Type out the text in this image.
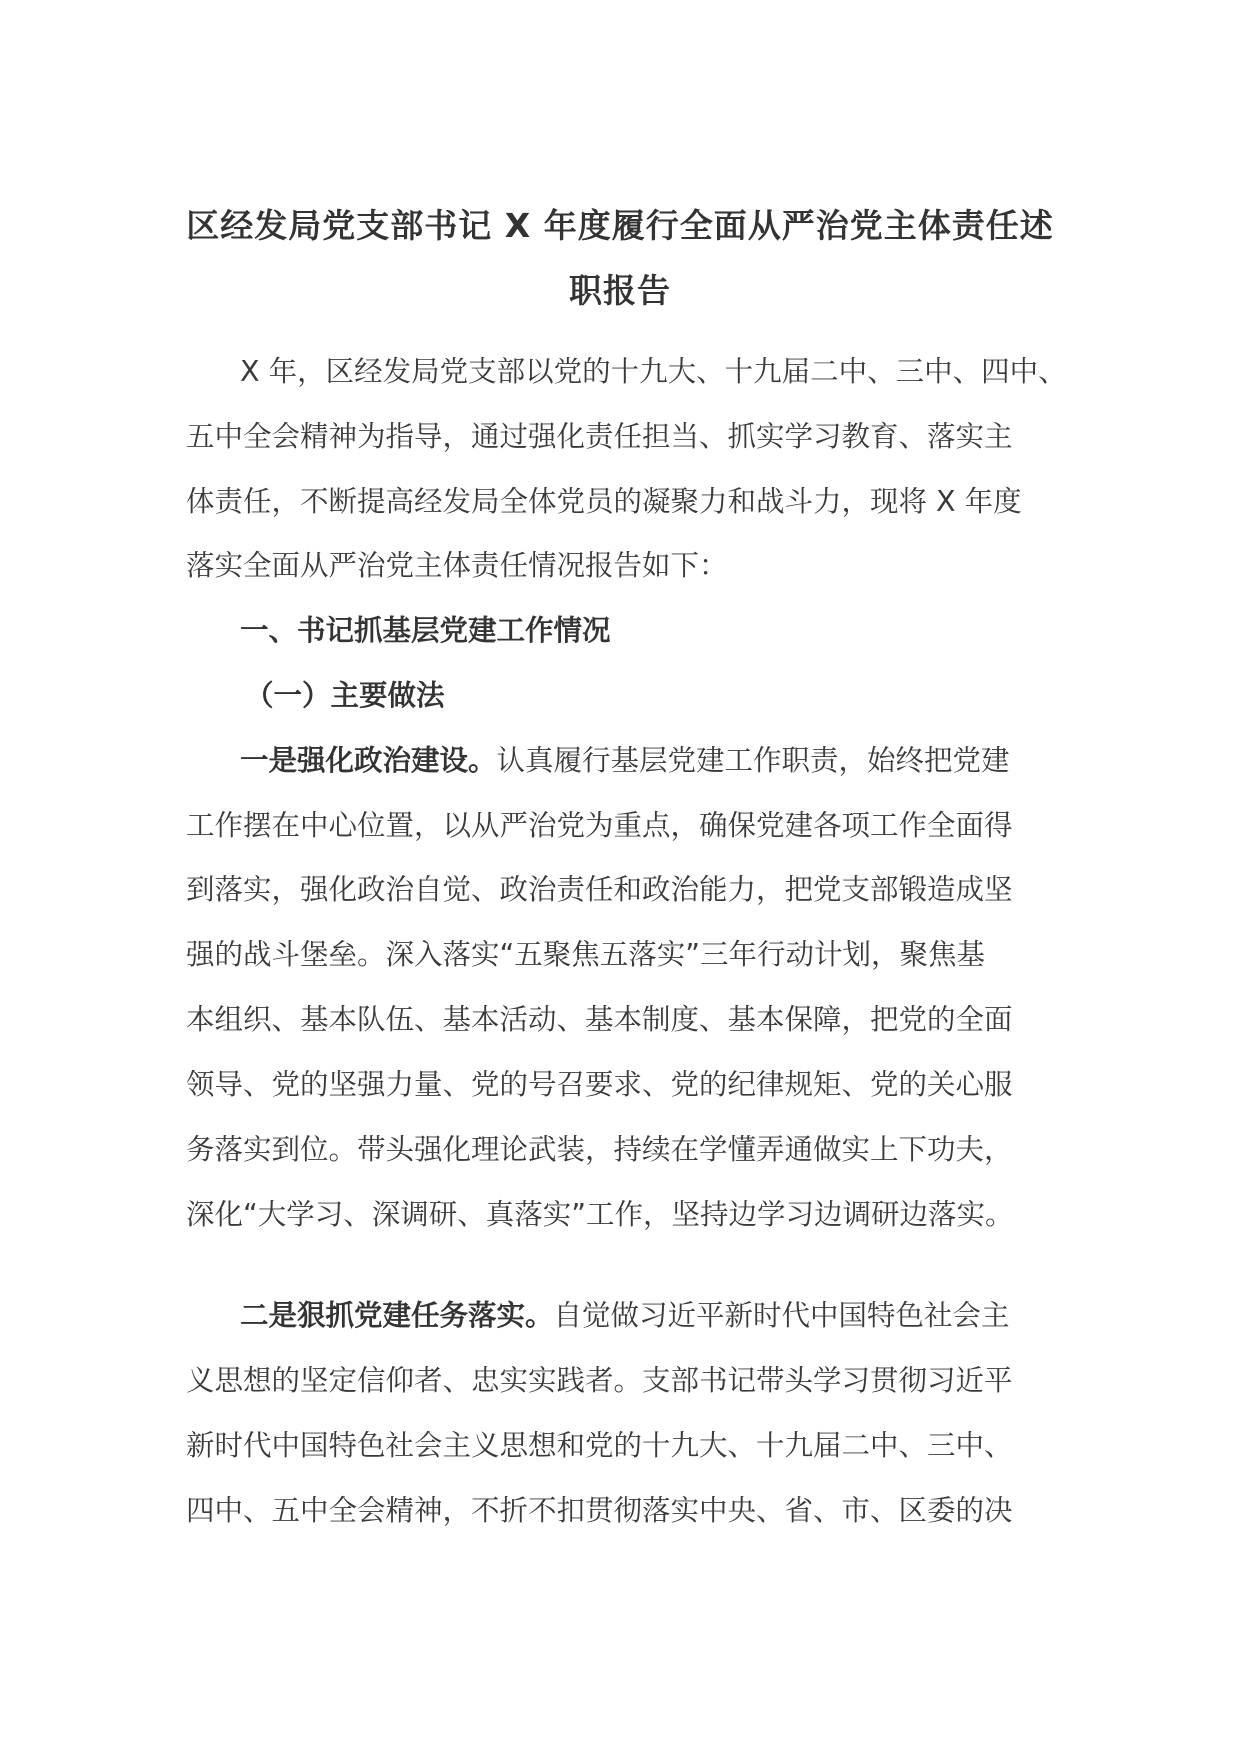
区经发局党支部书记 X 年度履行全面从严治党主体责任述
职报告
X 年，区经发局党支部以党的十九大、十九届二中、三中、四中、
五中全会精神为指导，通过强化责任担当、抓实学习教育、落实主
体责任，不断提高经发局全体党员的凝聚力和战斗力，现将 X 年度
落实全面从严治党主体责任情况报告如下：
一、书记抓基层党建工作情况
（一）主要做法
一是强化政治建设。认真履行基层党建工作职责，始终把党建
工作摆在中心位置，以从严治党为重点，确保党建各项工作全面得
到落实，强化政治自觉、政治责任和政治能力，把党支部锻造成坚
强的战斗堡垒。深入落实“五聚焦五落实”三年行动计划，聚焦基
本组织、基本队伍、基本活动、基本制度、基本保障，把党的全面
领导、党的坚强力量、党的号召要求、党的纪律规矩、党的关心服
务落实到位。带头强化理论武装，持续在学懂弄通做实上下功夫，
深化“大学习、深调研、真落实”工作，坚持边学习边调研边落实。
二是狠抓党建任务落实。自觉做习近平新时代中国特色社会主
义思想的坚定信仰者、忠实实践者。支部书记带头学习贯彻习近平
新时代中国特色社会主义思想和党的十九大、十九届二中、三中、
四中、五中全会精神，不折不扣贯彻落实中央、省、市、区委的决
